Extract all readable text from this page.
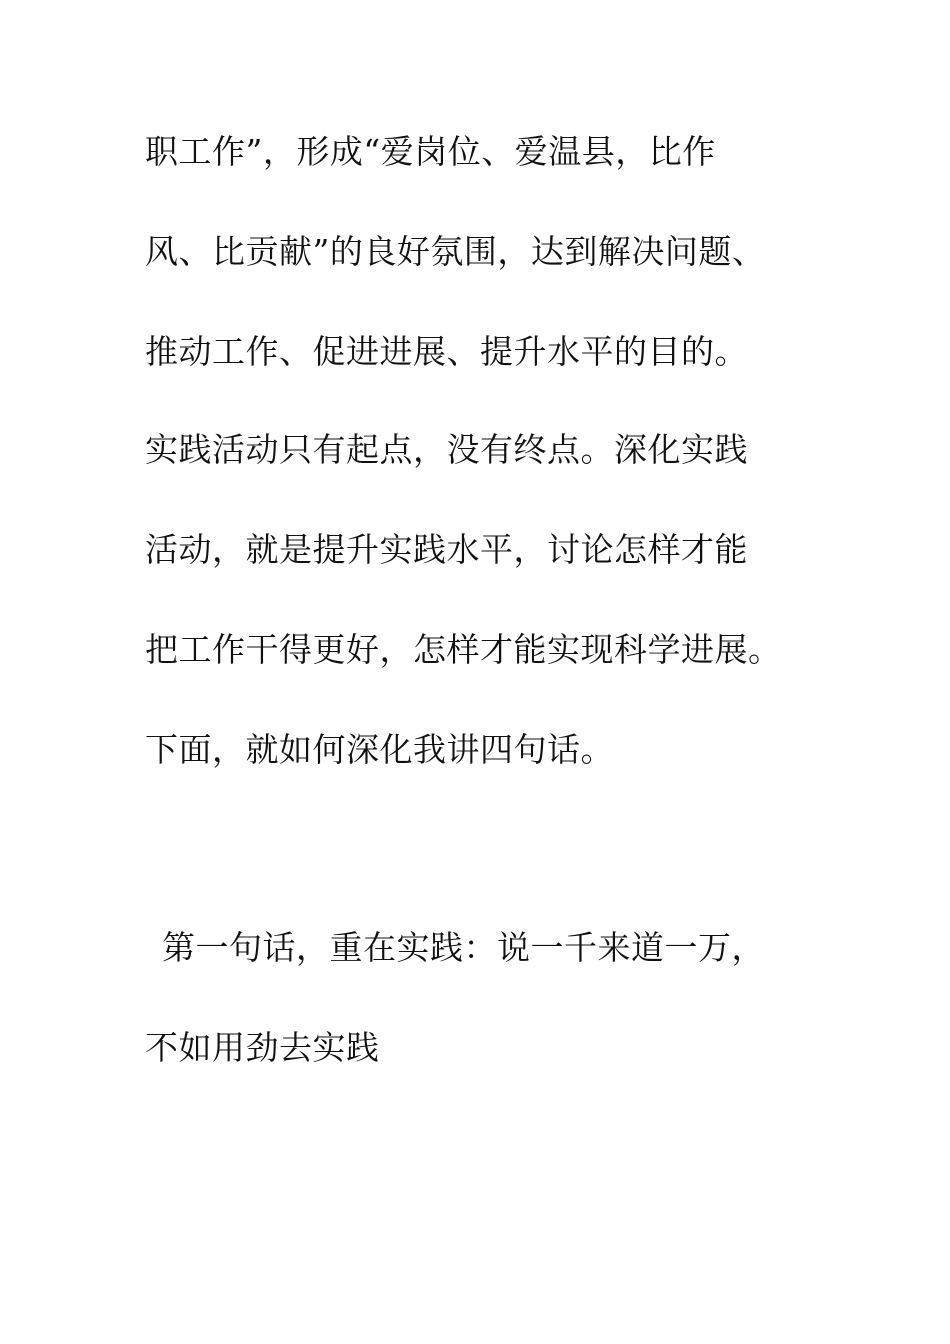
职工作”，形成“爱岗位、爱温县，比作
风、比贡献”的良好氛围，达到解决问题、
推动工作、促进进展、提升水平的目的。
实践活动只有起点，没有终点。深化实践
活动，就是提升实践水平，讨论怎样才能
把工作干得更好，怎样才能实现科学进展。
下面，就如何深化我讲四句话。
第一句话，重在实践：说一千来道一万，
不如用劲去实践
